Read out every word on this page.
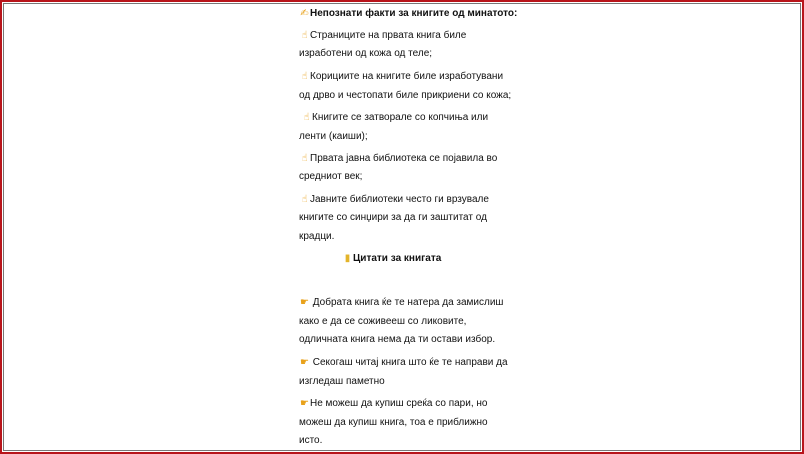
✍Непознати факти за книгите од минатото:
☝ Страниците на првата книга биле
изработени од кожа од теле;
☝ Корициите на книгите биле изработувани
од дрво и честопати биле прикриени со кожа;
☝ Книгите се затворале со копчиња или
ленти (каиши);
☝ Првата јавна библиотека се појавила во
средниот век;
☝ Јавните библиотеки често ги врзувале
книгите со синџири за да ги заштитат од
крадци.
▮ Цитати за книгата
☛ Добрата книга ќе те натера да замислиш
како е да се соживееш со ликовите,
одличната книга нема да ти остави избор.
☛ Секогаш читај книга што ќе те направи да
изгледаш паметно
☛Не можеш да купиш среќа со пари, но
можеш да купиш книга, тоа е приближно
исто.
